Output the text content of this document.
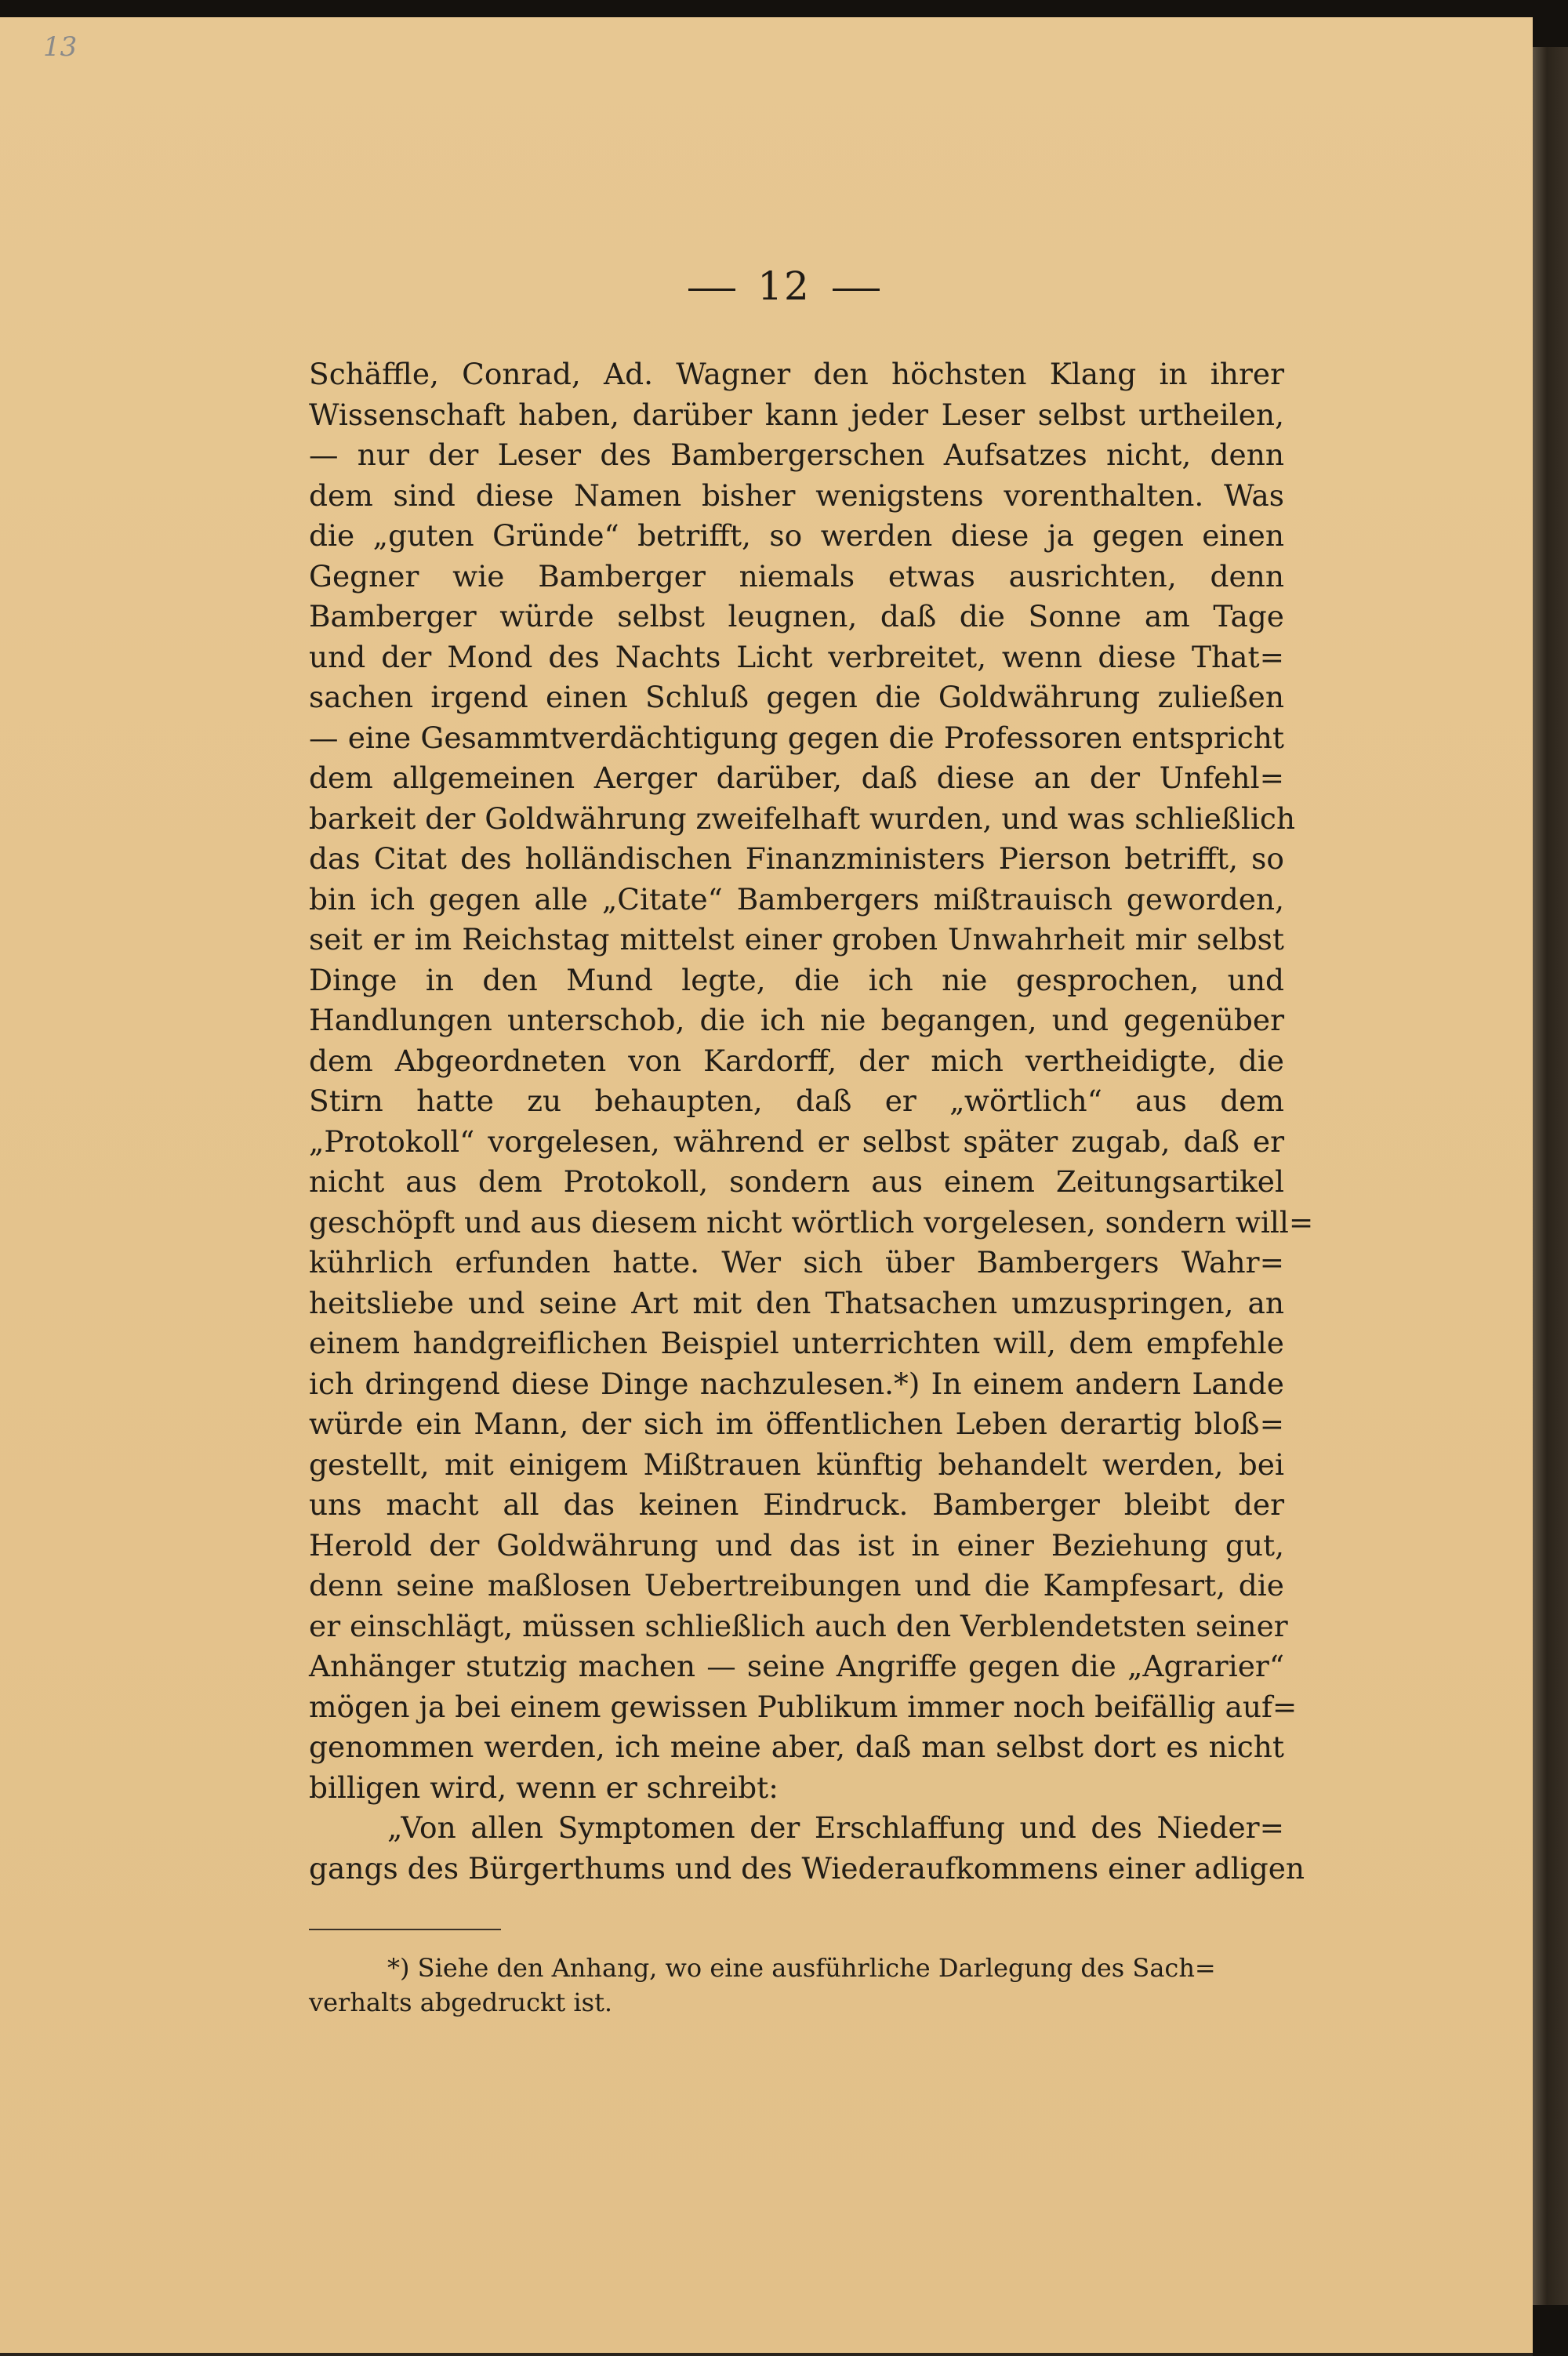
13
12
Schäffle, Conrad, Ad. Wagner den höchsten Klang in ihrer
Wissenschaft haben, darüber kann jeder Leser selbst urtheilen,
— nur der Leser des Bambergerschen Aufsatzes nicht, denn
dem sind diese Namen bisher wenigstens vorenthalten. Was
die „guten Gründe“ betrifft, so werden diese ja gegen einen
Gegner wie Bamberger niemals etwas ausrichten, denn
Bamberger würde selbst leugnen, daß die Sonne am Tage
und der Mond des Nachts Licht verbreitet, wenn diese That=
sachen irgend einen Schluß gegen die Goldwährung zuließen
— eine Gesammtverdächtigung gegen die Professoren entspricht
dem allgemeinen Aerger darüber, daß diese an der Unfehl=
barkeit der Goldwährung zweifelhaft wurden, und was schließlich
das Citat des holländischen Finanzministers Pierson betrifft, so
bin ich gegen alle „Citate“ Bambergers mißtrauisch geworden,
seit er im Reichstag mittelst einer groben Unwahrheit mir selbst
Dinge in den Mund legte, die ich nie gesprochen, und
Handlungen unterschob, die ich nie begangen, und gegenüber
dem Abgeordneten von Kardorff, der mich vertheidigte, die
Stirn hatte zu behaupten, daß er „wörtlich“ aus dem
„Protokoll“ vorgelesen, während er selbst später zugab, daß er
nicht aus dem Protokoll, sondern aus einem Zeitungsartikel
geschöpft und aus diesem nicht wörtlich vorgelesen, sondern will=
kührlich erfunden hatte. Wer sich über Bambergers Wahr=
heitsliebe und seine Art mit den Thatsachen umzuspringen, an
einem handgreiflichen Beispiel unterrichten will, dem empfehle
ich dringend diese Dinge nachzulesen.*) In einem andern Lande
würde ein Mann, der sich im öffentlichen Leben derartig bloß=
gestellt, mit einigem Mißtrauen künftig behandelt werden, bei
uns macht all das keinen Eindruck. Bamberger bleibt der
Herold der Goldwährung und das ist in einer Beziehung gut,
denn seine maßlosen Uebertreibungen und die Kampfesart, die
er einschlägt, müssen schließlich auch den Verblendetsten seiner
Anhänger stutzig machen — seine Angriffe gegen die „Agrarier“
mögen ja bei einem gewissen Publikum immer noch beifällig auf=
genommen werden, ich meine aber, daß man selbst dort es nicht
billigen wird, wenn er schreibt:
„Von allen Symptomen der Erschlaffung und des Nieder=
gangs des Bürgerthums und des Wiederaufkommens einer adligen
*) Siehe den Anhang, wo eine ausführliche Darlegung des Sach=
verhalts abgedruckt ist.
